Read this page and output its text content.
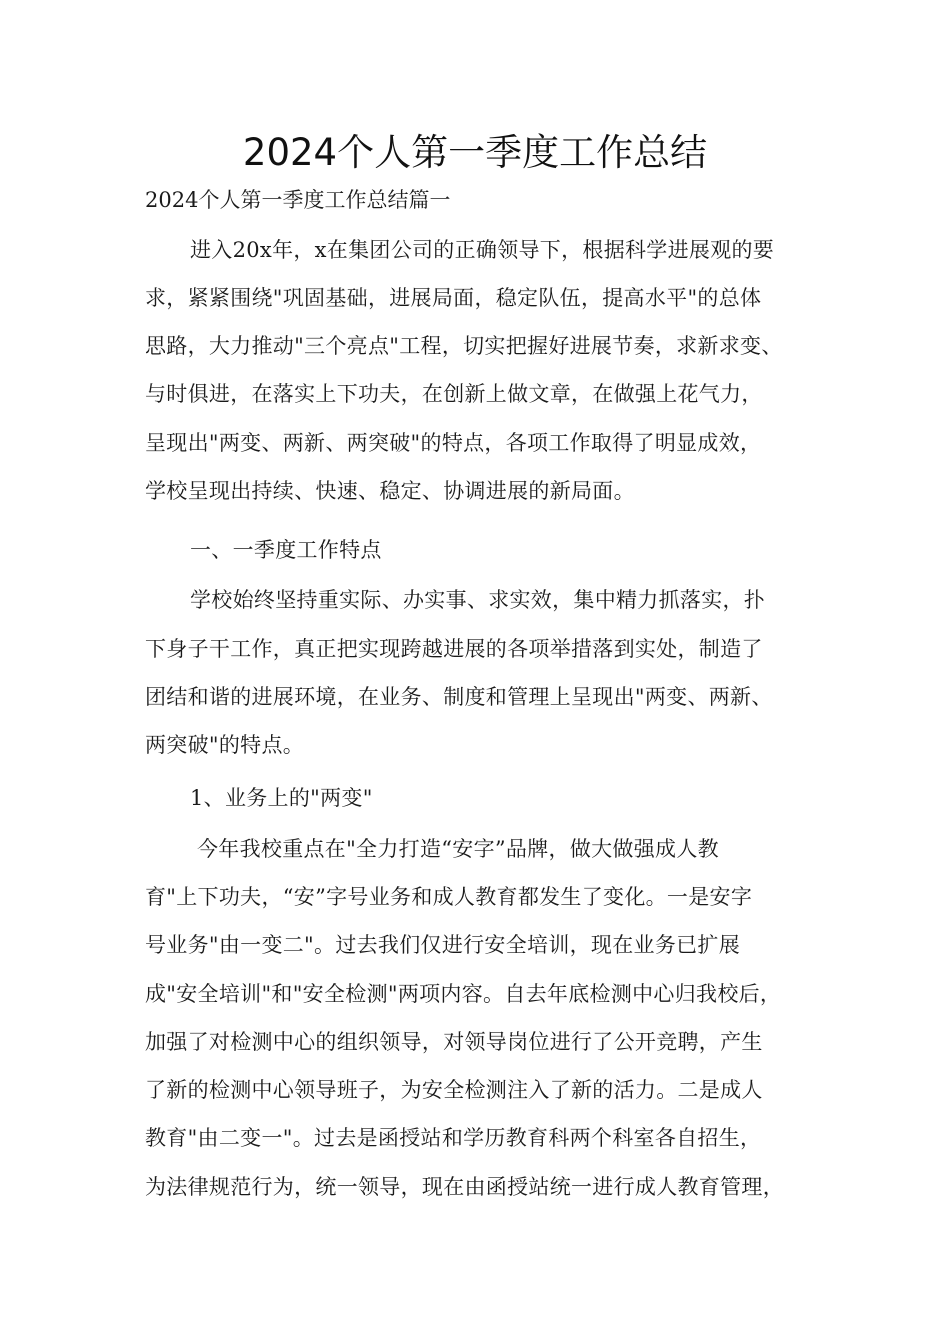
2024个人第一季度工作总结
2024个人第一季度工作总结篇一
进入20x年，x在集团公司的正确领导下，根据科学进展观的要
求，紧紧围绕"巩固基础，进展局面，稳定队伍，提高水平"的总体
思路，大力推动"三个亮点"工程，切实把握好进展节奏，求新求变、
与时俱进，在落实上下功夫，在创新上做文章，在做强上花气力，
呈现出"两变、两新、两突破"的特点，各项工作取得了明显成效，
学校呈现出持续、快速、稳定、协调进展的新局面。
一、一季度工作特点
学校始终坚持重实际、办实事、求实效，集中精力抓落实，扑
下身子干工作，真正把实现跨越进展的各项举措落到实处，制造了
团结和谐的进展环境，在业务、制度和管理上呈现出"两变、两新、
两突破"的特点。
1、业务上的"两变"
今年我校重点在"全力打造“安字”品牌，做大做强成人教
育"上下功夫，“安”字号业务和成人教育都发生了变化。一是安字
号业务"由一变二"。过去我们仅进行安全培训，现在业务已扩展
成"安全培训"和"安全检测"两项内容。自去年底检测中心归我校后，
加强了对检测中心的组织领导，对领导岗位进行了公开竞聘，产生
了新的检测中心领导班子，为安全检测注入了新的活力。二是成人
教育"由二变一"。过去是函授站和学历教育科两个科室各自招生，
为法律规范行为，统一领导，现在由函授站统一进行成人教育管理，
